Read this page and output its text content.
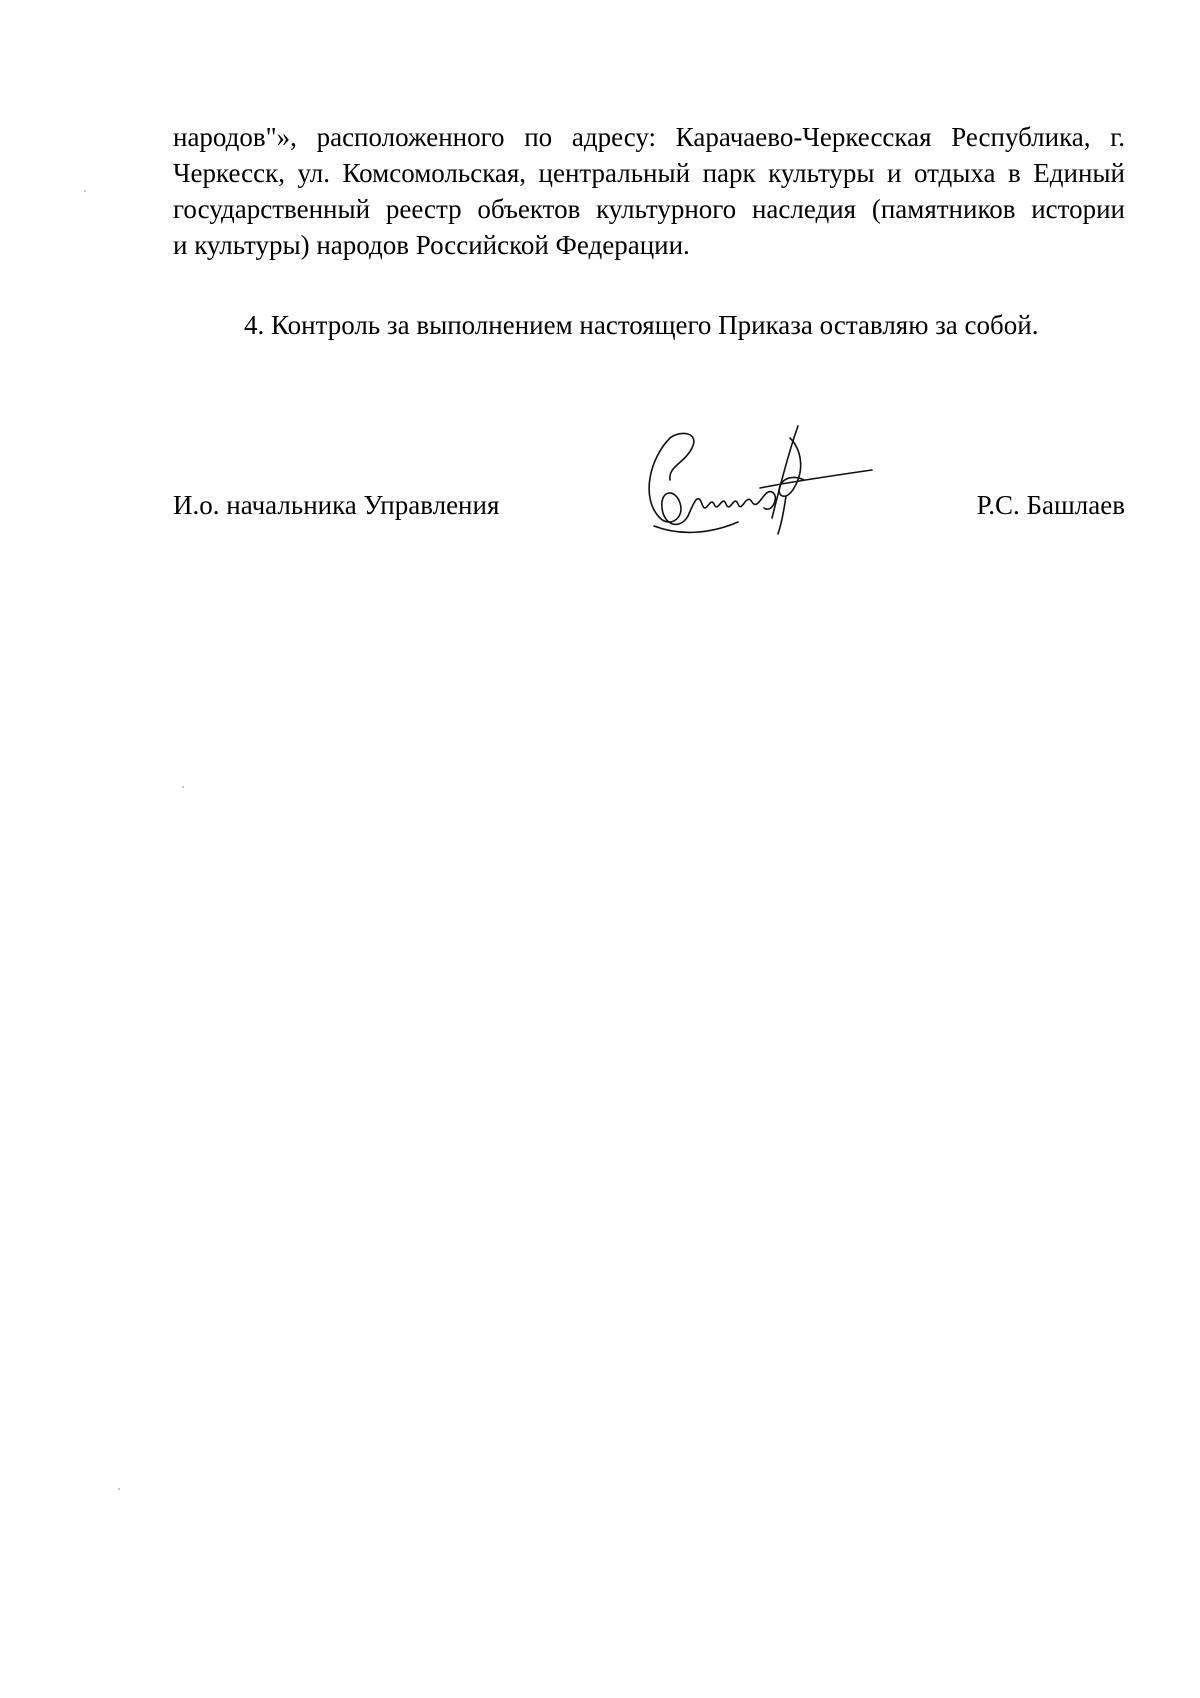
народов"», расположенного по адресу: Карачаево-Черкесская Республика, г.
Черкесск, ул. Комсомольская, центральный парк культуры и отдыха в Единый
государственный реестр объектов культурного наследия (памятников истории
и культуры) народов Российской Федерации.
4. Контроль за выполнением настоящего Приказа оставляю за собой.
И.о. начальника Управления	Р.С. Башлаев
